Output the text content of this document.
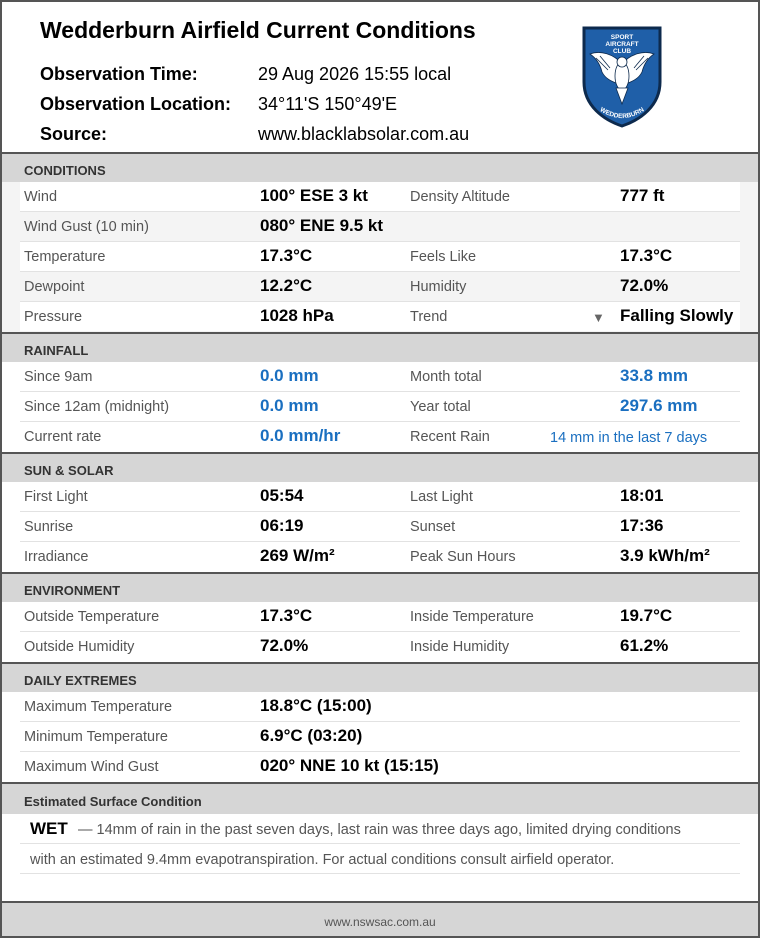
Wedderburn Airfield Current Conditions
Observation Time:	29 Aug 2026 15:55 local
Observation Location: 34°11'S 150°49'E
Source:	www.blacklabsolar.com.au
SPORT
AIRCRAFT
CLUB
WEDDERBURN
CONDITIONS
Wind	100° ESE 3 kt	Density Altitude	777 ft
Wind Gust (10 min)	080° ENE 9.5 kt
Temperature	17.3°C	Feels Like	17.3°C
Dewpoint	12.2°C	Humidity	72.0%
Pressure	1028 hPa	Trend	▼ Falling Slowly
RAINFALL
Since 9am	0.0 mm	Month total	33.8 mm
Since 12am (midnight)	0.0 mm	Year total	297.6 mm
Current rate	0.0 mm/hr	Recent Rain	14 mm in the last 7 days
SUN & SOLAR
First Light	05:54	Last Light	18:01
Sunrise	06:19	Sunset	17:36
Irradiance	269 W/m²	Peak Sun Hours	3.9 kWh/m²
ENVIRONMENT
Outside Temperature	17.3°C	Inside Temperature	19.7°C
Outside Humidity	72.0%	Inside Humidity	61.2%
DAILY EXTREMES
Maximum Temperature	18.8°C (15:00)
Minimum Temperature	6.9°C (03:20)
Maximum Wind Gust	020° NNE 10 kt (15:15)
Estimated Surface Condition
WET — 14mm of rain in the past seven days, last rain was three days ago, limited drying conditions
with an estimated 9.4mm evapotranspiration. For actual conditions consult airfield operator.
www.nswsac.com.au
